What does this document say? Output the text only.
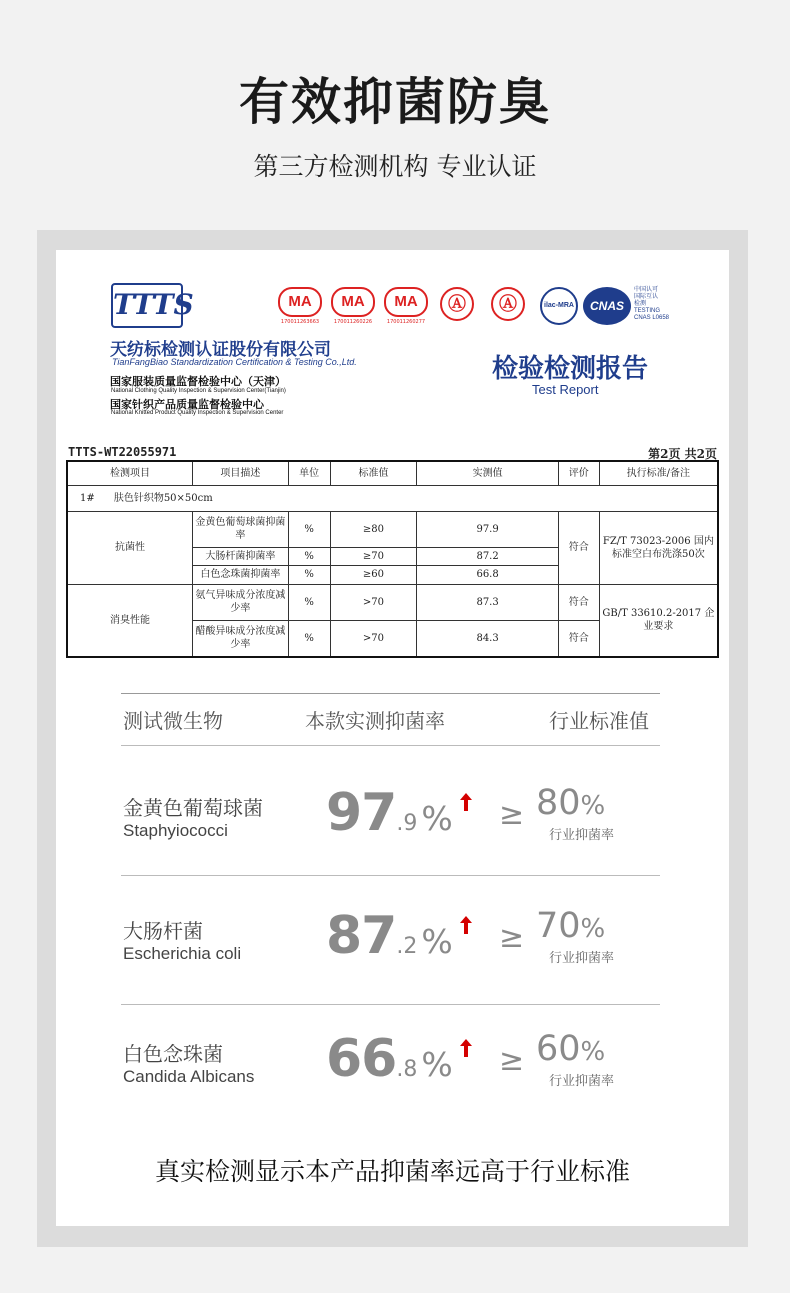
有效抑菌防臭
第三方检测机构 专业认证
TTTS	MA
170011263663
MA
170011260226
MA
170011260277
Ⓐ	Ⓐ	ilac-MRA	CNAS
中国认可
国际互认
检测
TESTING
CNAS L0658
天纺标检测认证股份有限公司
TianFangBiao Standardization Certification & Testing Co.,Ltd.
国家服装质量监督检验中心（天津）
National Clothing Quality Inspection & Supervision Center(Tianjin)
国家针织产品质量监督检验中心
National Knitted Product Quality Inspection & Supervision Center
检验检测报告
Test Report
TTTS-WT22055971	第2页 共2页
检测项目	项目描述	单位	标准值	实测值	评价	执行标准/备注
1#      肤色针织物50×50cm						
抗菌性	金黄色葡萄球菌抑菌率	%	≥80	97.9	符合	FZ/T 73023-2006 国内标准空白布洗涤50次
	大肠杆菌抑菌率	%	≥70	87.2		
	白色念珠菌抑菌率	%	≥60	66.8		
消臭性能	氨气异味成分浓度减少率	%	>70	87.3	符合	GB/T 33610.2-2017 企业要求
	醋酸异味成分浓度减少率	%	>70	84.3	符合	
测试微生物	本款实测抑菌率	行业标准值
金黄色葡萄球菌
Staphyiococci 97.9 % ≥ 80%
行业抑菌率
大肠杆菌
Escherichia coli 87.2 % ≥ 70%
行业抑菌率
白色念珠菌
Candida Albicans 66.8 % ≥ 60%
行业抑菌率
真实检测显示本产品抑菌率远高于行业标准
